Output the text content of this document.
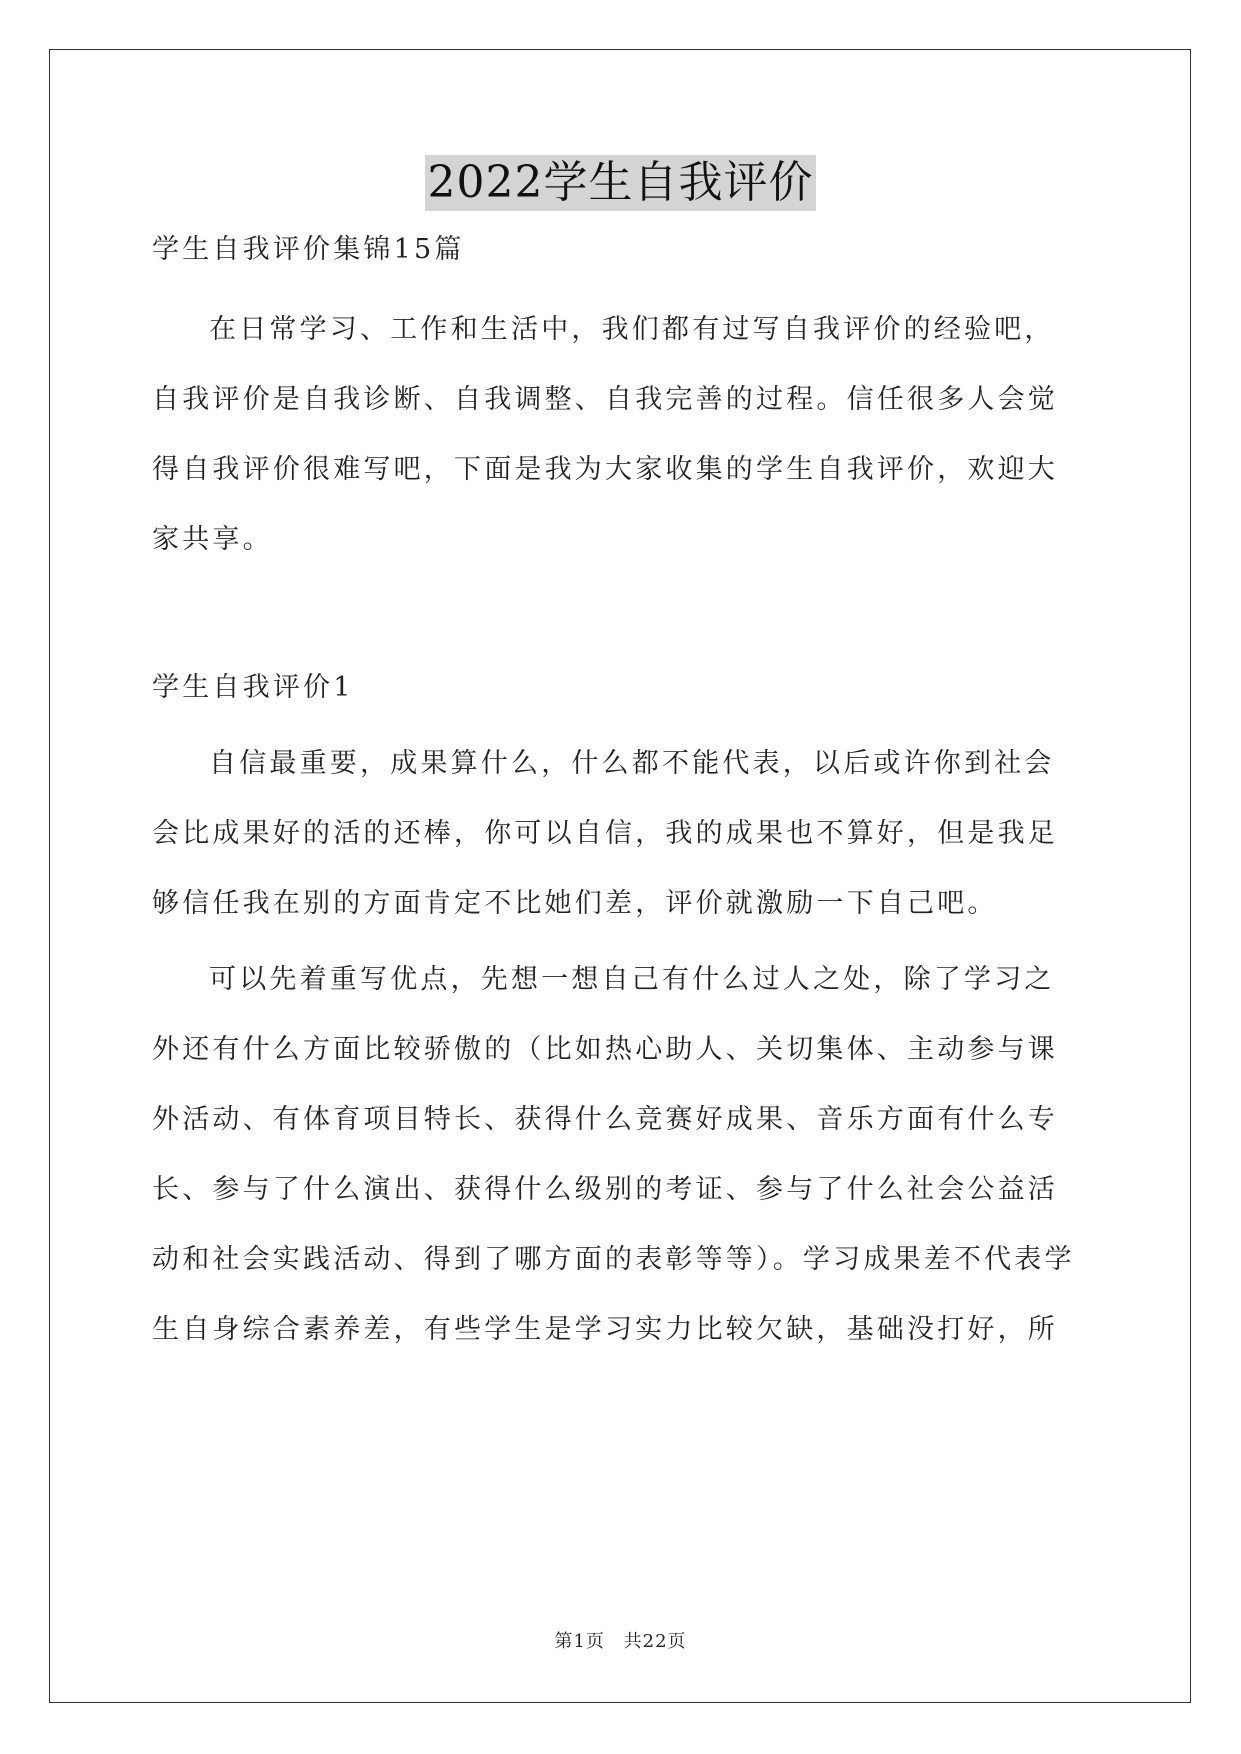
2022学生自我评价
学生自我评价集锦15篇
在日常学习、工作和生活中，我们都有过写自我评价的经验吧，
自我评价是自我诊断、自我调整、自我完善的过程。信任很多人会觉
得自我评价很难写吧，下面是我为大家收集的学生自我评价，欢迎大
家共享。
学生自我评价1
自信最重要，成果算什么，什么都不能代表，以后或许你到社会
会比成果好的活的还棒，你可以自信，我的成果也不算好，但是我足
够信任我在别的方面肯定不比她们差，评价就激励一下自己吧。
可以先着重写优点，先想一想自己有什么过人之处，除了学习之
外还有什么方面比较骄傲的（比如热心助人、关切集体、主动参与课
外活动、有体育项目特长、获得什么竞赛好成果、音乐方面有什么专
长、参与了什么演出、获得什么级别的考证、参与了什么社会公益活
动和社会实践活动、得到了哪方面的表彰等等）。学习成果差不代表学
生自身综合素养差，有些学生是学习实力比较欠缺，基础没打好，所
第1页 共22页
